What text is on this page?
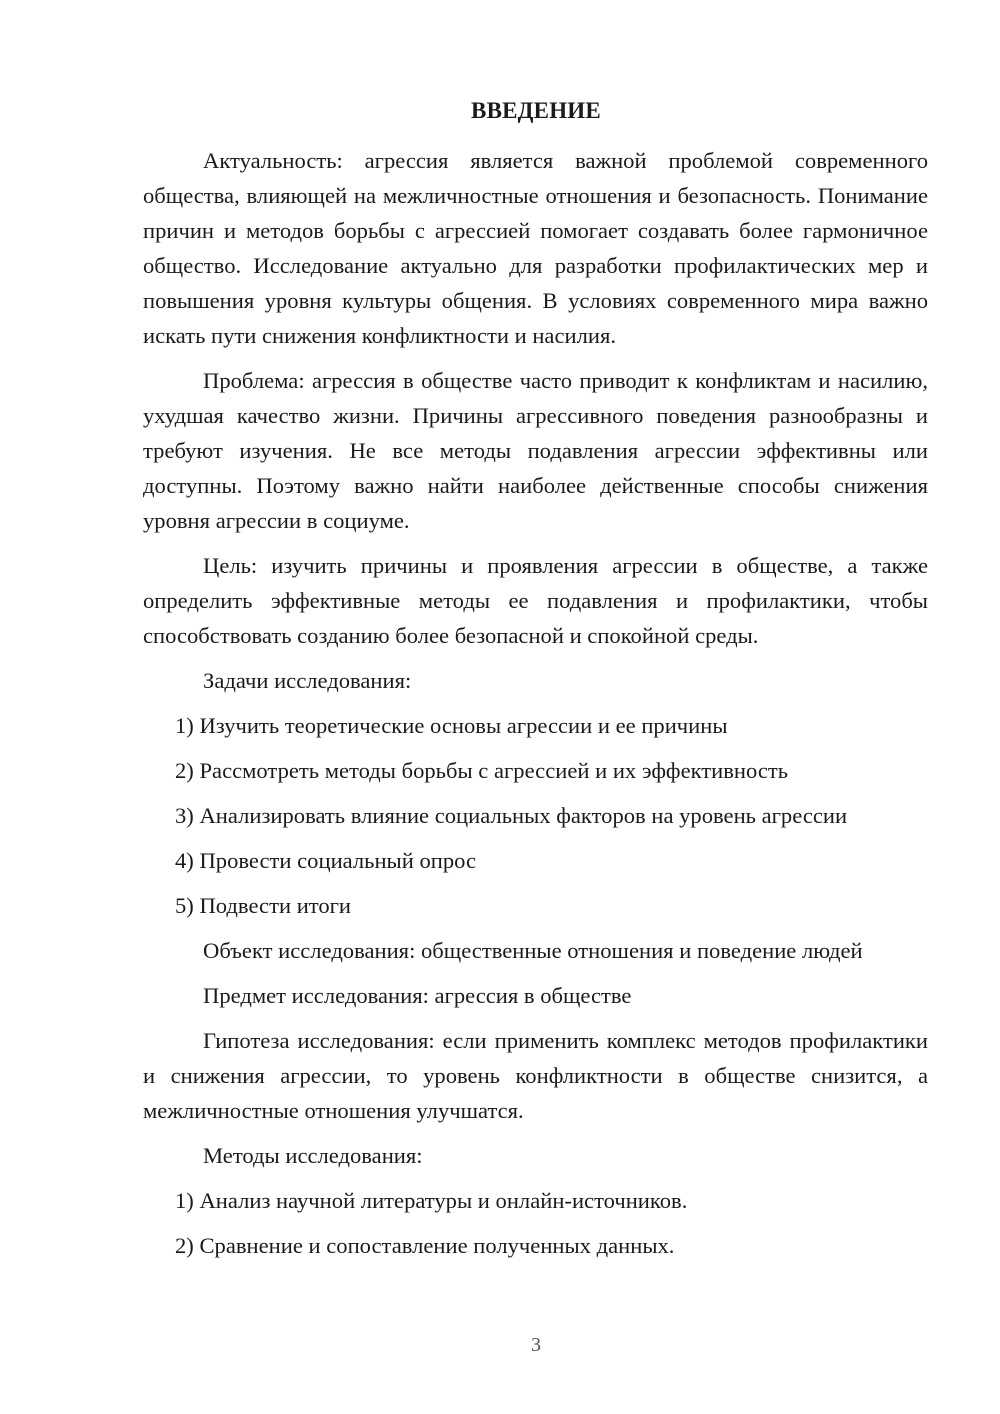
ВВЕДЕНИЕ

Актуальность: агрессия является важной проблемой современного общества, влияющей на межличностные отношения и безопасность. Понимание причин и методов борьбы с агрессией помогает создавать более гармоничное общество. Исследование актуально для разработки профилактических мер и повышения уровня культуры общения. В условиях современного мира важно искать пути снижения конфликтности и насилия.

Проблема: агрессия в обществе часто приводит к конфликтам и насилию, ухудшая качество жизни. Причины агрессивного поведения разнообразны и требуют изучения. Не все методы подавления агрессии эффективны или доступны. Поэтому важно найти наиболее действенные способы снижения уровня агрессии в социуме.

Цель: изучить причины и проявления агрессии в обществе, а также определить эффективные методы ее подавления и профилактики, чтобы способствовать созданию более безопасной и спокойной среды.

Задачи исследования:

1) Изучить теоретические основы агрессии и ее причины

2) Рассмотреть методы борьбы с агрессией и их эффективность

3) Анализировать влияние социальных факторов на уровень агрессии

4) Провести социальный опрос

5) Подвести итоги

Объект исследования: общественные отношения и поведение людей

Предмет исследования: агрессия в обществе

Гипотеза исследования: если применить комплекс методов профилактики и снижения агрессии, то уровень конфликтности в обществе снизится, а межличностные отношения улучшатся.

Методы исследования:

1) Анализ научной литературы и онлайн-источников.

2) Сравнение и сопоставление полученных данных.

3
